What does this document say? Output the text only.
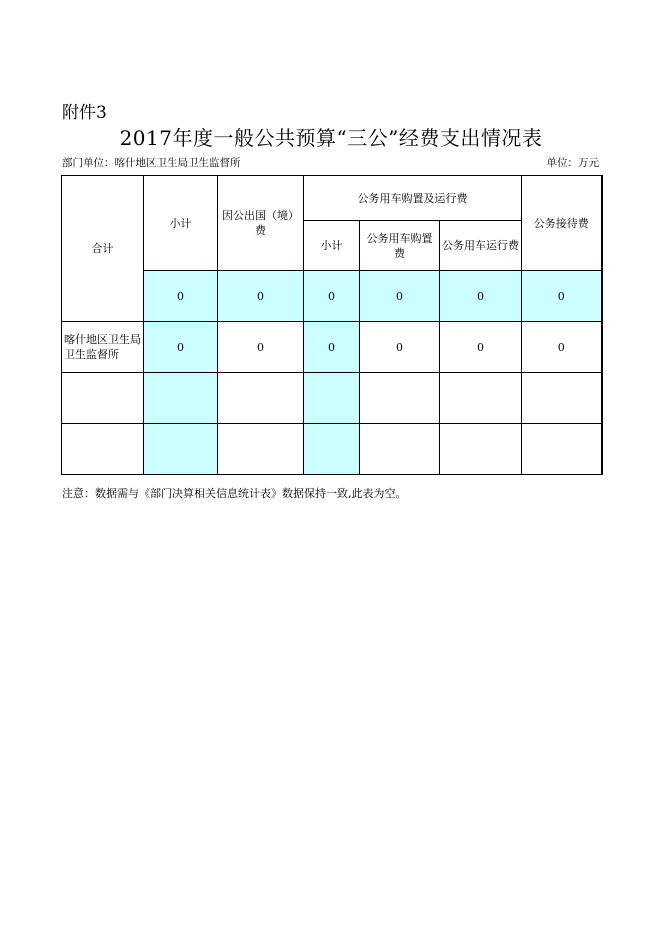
附件3
2017年度一般公共预算“三公”经费支出情况表
部门单位：喀什地区卫生局卫生监督所	单位：万元
合计	小计	因公出国（境）费	公务用车购置及运行费			公务接待费
			小计	公务用车购置费	公务用车运行费	
	0	0	0	0	0	0
喀什地区卫生局卫生监督所	0	0	0	0	0	0

注意：数据需与《部门决算相关信息统计表》数据保持一致,此表为空。
